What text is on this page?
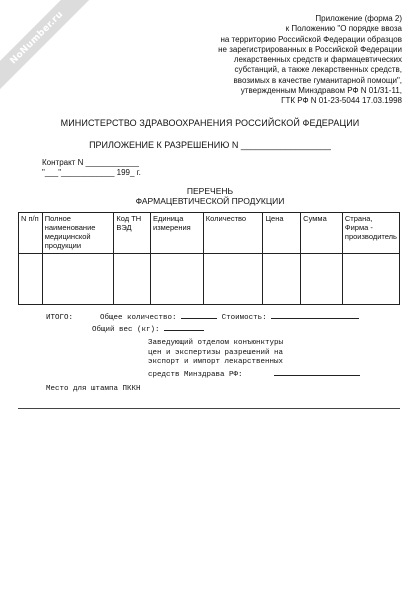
NoNumber.ru	Приложение (форма 2)
к Положению "О порядке ввоза
на территорию Российской Федерации образцов
не зарегистрированных в Российской Федерации
лекарственных средств и фармацевтических
субстанций, а также лекарственных средств,
ввозимых в качестве гуманитарной помощи",
утвержденным Минздравом РФ N 01/31-11,
ГТК РФ N 01-23-5044 17.03.1998
МИНИСТЕРСТВО ЗДРАВООХРАНЕНИЯ РОССИЙСКОЙ ФЕДЕРАЦИИ
ПРИЛОЖЕНИЕ К РАЗРЕШЕНИЮ N __________________
Контракт N ____________
"___"____________ 199_ г.
ПЕРЕЧЕНЬ
ФАРМАЦЕВТИЧЕСКОЙ ПРОДУКЦИИ
N п/п	Полное наименование медицинской продукции	Код ТН ВЭД	Единица измерения	Количество	Цена	Сумма	Страна, Фирма - производитель

ИТОГО:	Общее количество:	Стоимость:
Общий вес (кг):
Заведующий отделом конъюнктуры
цен и экспертизы разрешений на
экспорт и импорт лекарственных
средств Минздрава РФ:
Место для штампа ПККН
